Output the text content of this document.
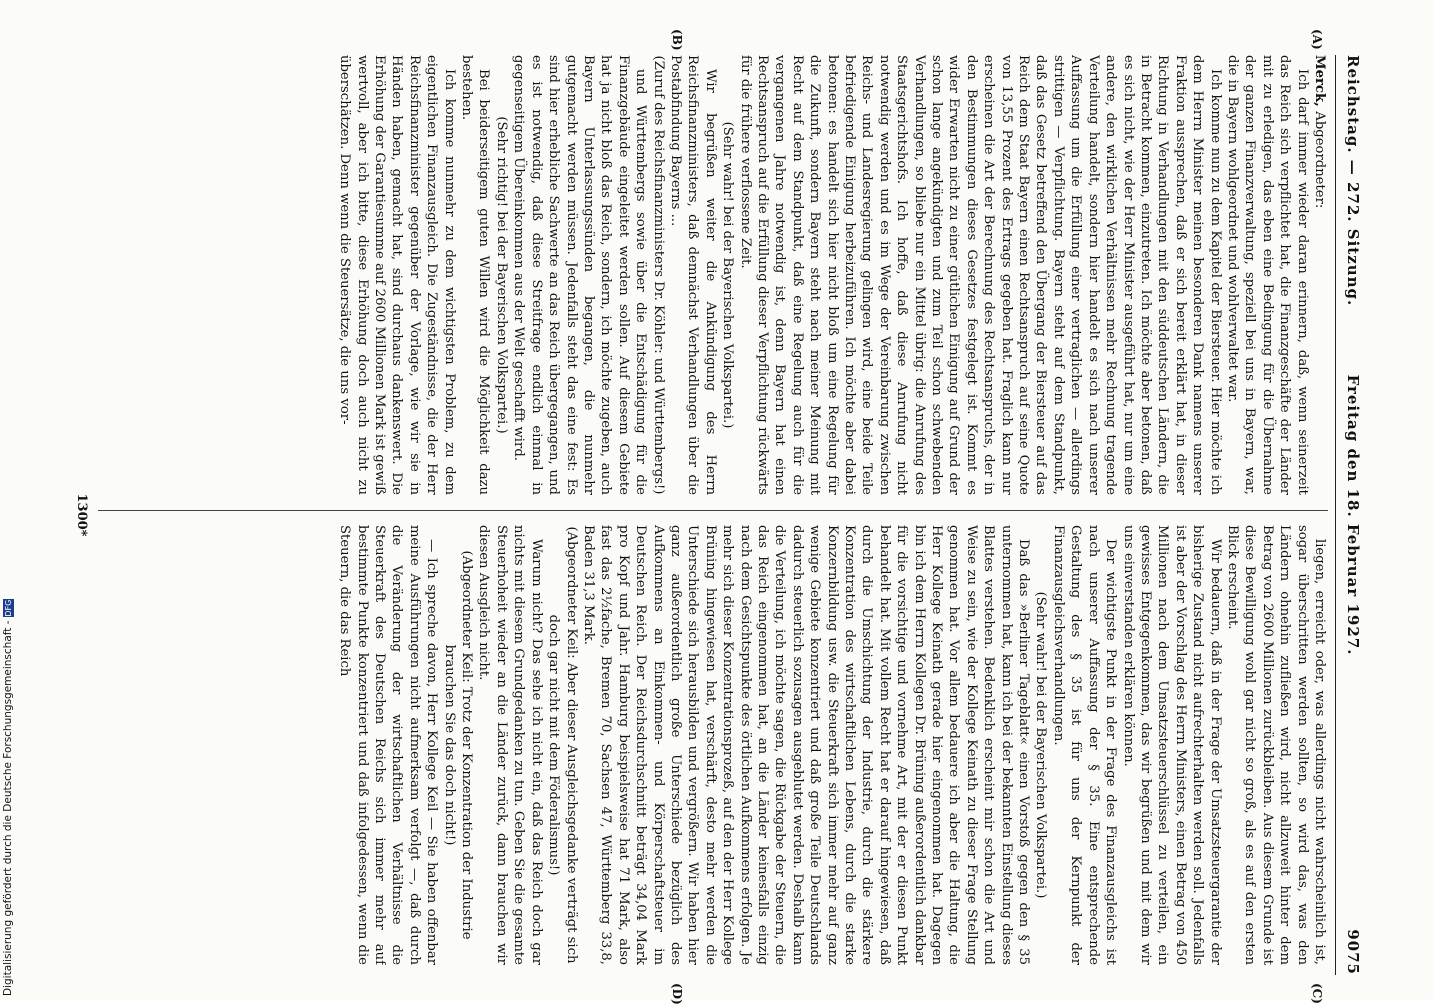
Reichstag. — 272. Sitzung.
Freitag den 18. Februar 1927.
9075
(A)
(B)
(C)
(D)

Merck, Abgeordneter:

Ich darf immer wieder daran erinnern, daß, wenn seinerzeit das Reich sich verpflichtet hat, die Finanzgeschäfte der Länder mit zu erledigen, das eben eine Bedingung für die Übernahme der ganzen Finanzverwaltung, speziell bei uns in Bayern, war, die in Bayern wohlgeordnet und wohlverwaltet war.

Ich komme nun zu dem Kapitel der Biersteuer. Hier möchte ich dem Herrn Minister meinen besonderen Dank namens unserer Fraktion aussprechen, daß er sich bereit erklärt hat, in dieser Richtung in Verhandlungen mit den süddeutschen Ländern, die in Betracht kommen, einzutreten. Ich möchte aber betonen, daß es sich nicht, wie der Herr Minister ausgeführt hat, nur um eine andere, den wirklichen Verhältnissen mehr Rechnung tragende Verteilung handelt, sondern hier handelt es sich nach unserer Auffassung um die Erfüllung einer vertraglichen — allerdings strittigen — Verpflichtung. Bayern steht auf dem Standpunkt, daß das Gesetz betreffend den Übergang der Biersteuer auf das Reich dem Staat Bayern einen Rechtsanspruch auf seine Quote von 13,55 Prozent des Ertrags gegeben hat. Fraglich kann nur erscheinen die Art der Berechnung des Rechtsanspruchs, der in den Bestimmungen dieses Gesetzes festgelegt ist. Kommt es wider Erwarten nicht zu einer gütlichen Einigung auf Grund der schon lange angekündigten und zum Teil schon schwebenden Verhandlungen, so bliebe nur ein Mittel übrig: die Anrufung des Staatsgerichtshofs. Ich hoffe, daß diese Anrufung nicht notwendig werden und es im Wege der Vereinbarung zwischen Reichs- und Landesregierung gelingen wird, eine beide Teile befriedigende Einigung herbeizuführen. Ich möchte aber dabei betonen: es handelt sich hier nicht bloß um eine Regelung für die Zukunft, sondern Bayern steht nach meiner Meinung mit Recht auf dem Standpunkt, daß eine Regelung auch für die vergangenen Jahre notwendig ist, denn Bayern hat einen Rechtsanspruch auf die Erfüllung dieser Verpflichtung rückwärts für die frühere verflossene Zeit.

(Sehr wahr! bei der Bayerischen Volkspartei.)

Wir begrüßen weiter die Ankündigung des Herrn Reichsfinanzministers, daß demnächst Verhandlungen über die Postabfindung Bayerns ...

(Zuruf des Reichsfinanzministers Dr. Köhler: und Württembergs!)

und Württembergs sowie über die Entschädigung für die Finanzgebäude eingeleitet werden sollen. Auf diesem Gebiete hat ja nicht bloß das Reich, sondern, ich möchte zugeben, auch Bayern Unterlassungssünden begangen, die nunmehr gutgemacht werden müssen. Jedenfalls steht das eine fest: Es sind hier erhebliche Sachwerte an das Reich übergegangen, und es ist notwendig, daß diese Streitfrage endlich einmal in gegenseitigem Übereinkommen aus der Welt geschafft wird.

(Sehr richtig! bei der Bayerischen Volkspartei.)

Bei beiderseitigem guten Willen wird die Möglichkeit dazu bestehen.

Ich komme nunmehr zu dem wichtigsten Problem, zu dem eigentlichen Finanzausgleich. Die Zugeständnisse, die der Herr Reichsfinanzminister gegenüber der Vorlage, wie wir sie in Händen haben, gemacht hat, sind durchaus dankenswert. Die Erhöhung der Garantiesumme auf 2600 Millionen Mark ist gewiß wertvoll, aber ich bitte, diese Erhöhung doch auch nicht zu überschätzen. Denn wenn die Steuersätze, die uns vor-

liegen, erreicht oder, was allerdings nicht wahrscheinlich ist, sogar überschritten werden sollten, so wird das, was den Ländern ohnehin zufließen wird, nicht allzuweit hinter dem Betrag von 2600 Millionen zurückbleiben. Aus diesem Grunde ist diese Bewilligung wohl gar nicht so groß, als es auf den ersten Blick erscheint.

Wir bedauern, daß in der Frage der Umsatzsteuergarantie der bisherige Zustand nicht aufrechterhalten werden soll. Jedenfalls ist aber der Vorschlag des Herrn Ministers, einen Betrag von 450 Millionen nach dem Umsatzsteuerschlüssel zu verteilen, ein gewisses Entgegenkommen, das wir begrüßen und mit dem wir uns einverstanden erklären können.

Der wichtigste Punkt in der Frage des Finanzausgleichs ist nach unserer Auffassung der § 35. Eine entsprechende Gestaltung des § 35 ist für uns der Kernpunkt der Finanzausgleichsverhandlungen.

(Sehr wahr! bei der Bayerischen Volkspartei.)

Daß das »Berliner Tageblatt« einen Vorstoß gegen den § 35 unternommen hat, kann ich bei der bekannten Einstellung dieses Blattes verstehen. Bedenklich erscheint mir schon die Art und Weise zu sein, wie der Kollege Keinath zu dieser Frage Stellung genommen hat. Vor allem bedauere ich aber die Haltung, die Herr Kollege Keinath gerade hier eingenommen hat. Dagegen bin ich dem Herrn Kollegen Dr. Brüning außerordentlich dankbar für die vorsichtige und vornehme Art, mit der er diesen Punkt behandelt hat. Mit vollem Recht hat er darauf hingewiesen, daß durch die Umschichtung der Industrie, durch die stärkere Konzentration des wirtschaftlichen Lebens, durch die starke Konzernbildung usw. die Steuerkraft sich immer mehr auf ganz wenige Gebiete konzentriert und daß große Teile Deutschlands dadurch steuerlich sozusagen ausgeblutet werden. Deshalb kann die Verteilung, ich möchte sagen, die Rückgabe der Steuern, die das Reich eingenommen hat, an die Länder keinesfalls einzig nach dem Gesichtspunkte des örtlichen Aufkommens erfolgen. Je mehr sich dieser Konzentrationsprozeß, auf den der Herr Kollege Brüning hingewiesen hat, verschärft, desto mehr werden die Unterschiede sich herausbilden und vergrößern. Wir haben hier ganz außerordentlich große Unterschiede bezüglich des Aufkommens an Einkommen- und Körperschaftsteuer im Deutschen Reich. Der Reichsdurchschnitt beträgt 34,04 Mark pro Kopf und Jahr. Hamburg beispielsweise hat 71 Mark, also fast das 2½fache, Bremen 70, Sachsen 47, Württemberg 33,8, Baden 31,3 Mark.

(Abgeordneter Keil: Aber dieser Ausgleichsgedanke verträgt sich doch gar nicht mit dem Föderalismus!)

Warum nicht? Das sehe ich nicht ein, daß das Reich doch gar nichts mit diesem Grundgedanken zu tun. Geben Sie die gesamte Steuerhoheit wieder an die Länder zurück, dann brauchen wir diesen Ausgleich nicht.

(Abgeordneter Keil: Trotz der Konzentration der Industrie brauchen Sie das doch nicht!)

— Ich spreche davon, Herr Kollege Keil — Sie haben offenbar meine Ausführungen nicht aufmerksam verfolgt —, daß durch die Veränderung der wirtschaftlichen Verhältnisse die Steuerkraft des Deutschen Reichs sich immer mehr auf bestimmte Punkte konzentriert und daß infolgedessen, wenn die Steuern, die das Reich

1300*
Digitalisierung gefördert durch die Deutsche Forschungsgemeinschaft - DFG
